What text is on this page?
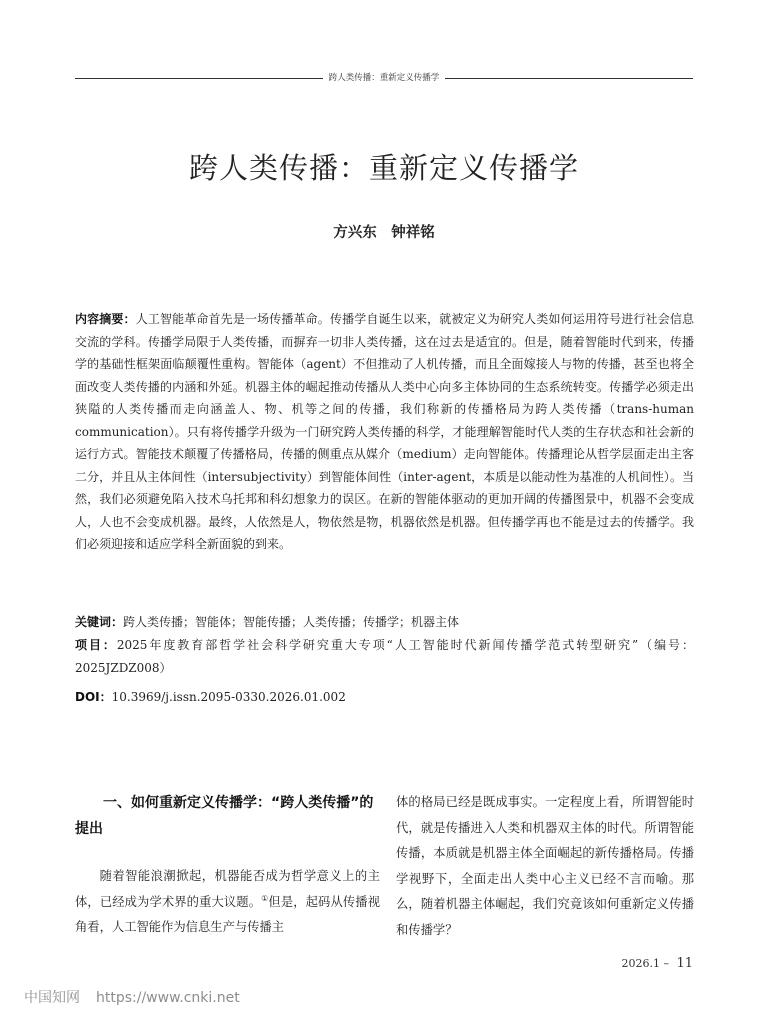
跨人类传播：重新定义传播学
跨人类传播：重新定义传播学
方兴东　钟祥铭
内容摘要：人工智能革命首先是一场传播革命。传播学自诞生以来，就被定义为研究人类如何运用符号进行社会信息交流的学科。传播学局限于人类传播，而摒弃一切非人类传播，这在过去是适宜的。但是，随着智能时代到来，传播学的基础性框架面临颠覆性重构。智能体（agent）不但推动了人机传播，而且全面嫁接人与物的传播，甚至也将全面改变人类传播的内涵和外延。机器主体的崛起推动传播从人类中心向多主体协同的生态系统转变。传播学必须走出狭隘的人类传播而走向涵盖人、物、机等之间的传播，我们称新的传播格局为跨人类传播（trans-human communication）。只有将传播学升级为一门研究跨人类传播的科学，才能理解智能时代人类的生存状态和社会新的运行方式。智能技术颠覆了传播格局，传播的侧重点从媒介（medium）走向智能体。传播理论从哲学层面走出主客二分，并且从主体间性（intersubjectivity）到智能体间性（inter-agent，本质是以能动性为基准的人机间性）。当然，我们必须避免陷入技术乌托邦和科幻想象力的误区。在新的智能体驱动的更加开阔的传播图景中，机器不会变成人，人也不会变成机器。最终，人依然是人，物依然是物，机器依然是机器。但传播学再也不能是过去的传播学。我们必须迎接和适应学科全新面貌的到来。
关键词：跨人类传播；智能体；智能传播；人类传播；传播学；机器主体
项目：2025年度教育部哲学社会科学研究重大专项“人工智能时代新闻传播学范式转型研究”（编号：2025JZDZ008）
DOI：10.3969/j.issn.2095-0330.2026.01.002
一、如何重新定义传播学：“跨人类传播”的提出

随着智能浪潮掀起，机器能否成为哲学意义上的主体，已经成为学术界的重大议题。①但是，起码从传播视角看，人工智能作为信息生产与传播主

体的格局已经是既成事实。一定程度上看，所谓智能时代，就是传播进入人类和机器双主体的时代。所谓智能传播，本质就是机器主体全面崛起的新传播格局。传播学视野下，全面走出人类中心主义已经不言而喻。那么，随着机器主体崛起，我们究竟该如何重新定义传播和传播学？

2026.1 – 11
中国知网 https://www.cnki.net
